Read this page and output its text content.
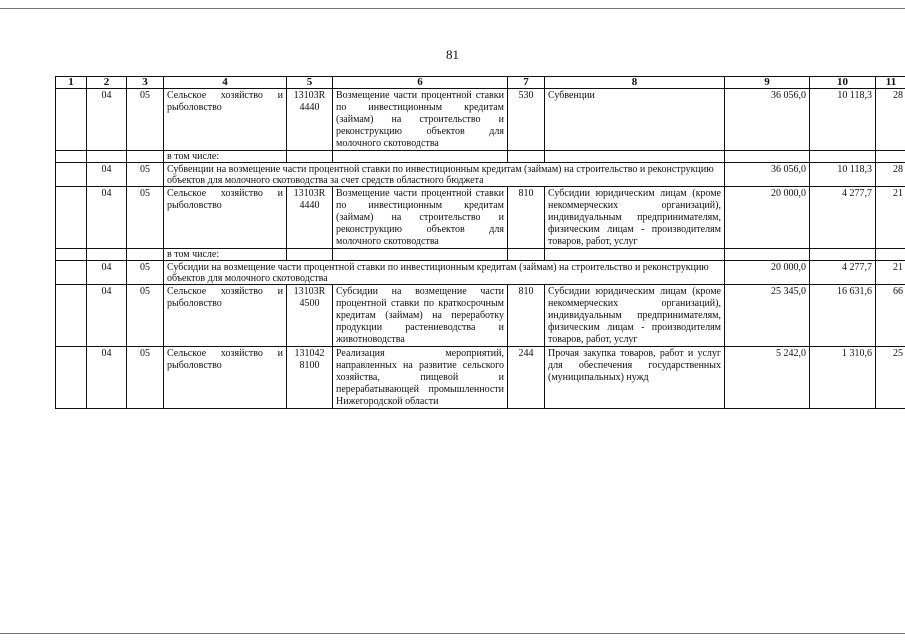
81
1	2	3	4	5	6	7	8	9	10	11
	04	05	Сельское хозяйство и рыболовство	13103R 4440	Возмещение части процентной ставки по инвестиционным кредитам (займам) на строительство и реконструкцию объектов для молочного скотоводства	530	Субвенции	36 056,0	10 118,3	28
			в том числе:							
	04	05	Субвенции на возмещение части процентной ставки по инвестиционным кредитам (займам) на строительство и реконструкцию объектов для молочного скотоводства за счет средств областного бюджета					36 056,0	10 118,3	28
	04	05	Сельское хозяйство и рыболовство	13103R 4440	Возмещение части процентной ставки по инвестиционным кредитам (займам) на строительство и реконструкцию объектов для молочного скотоводства	810	Субсидии юридическим лицам (кроме некоммерческих организаций), индивидуальным предпринимателям, физическим лицам - производителям товаров, работ, услуг	20 000,0	4 277,7	21
			в том числе:							
	04	05	Субсидии на возмещение части процентной ставки по инвестиционным кредитам (займам) на строительство и реконструкцию объектов для молочного скотоводства					20 000,0	4 277,7	21
	04	05	Сельское хозяйство и рыболовство	13103R 4500	Субсидии на возмещение части процентной ставки по краткосрочным кредитам (займам) на переработку продукции растениеводства и животноводства	810	Субсидии юридическим лицам (кроме некоммерческих организаций), индивидуальным предпринимателям, физическим лицам - производителям товаров, работ, услуг	25 345,0	16 631,6	66
	04	05	Сельское хозяйство и рыболовство	131042 8100	Реализация мероприятий, направленных на развитие сельского хозяйства, пищевой и перерабатывающей промышленности Нижегородской области	244	Прочая закупка товаров, работ и услуг для обеспечения государственных (муниципальных) нужд	5 242,0	1 310,6	25
